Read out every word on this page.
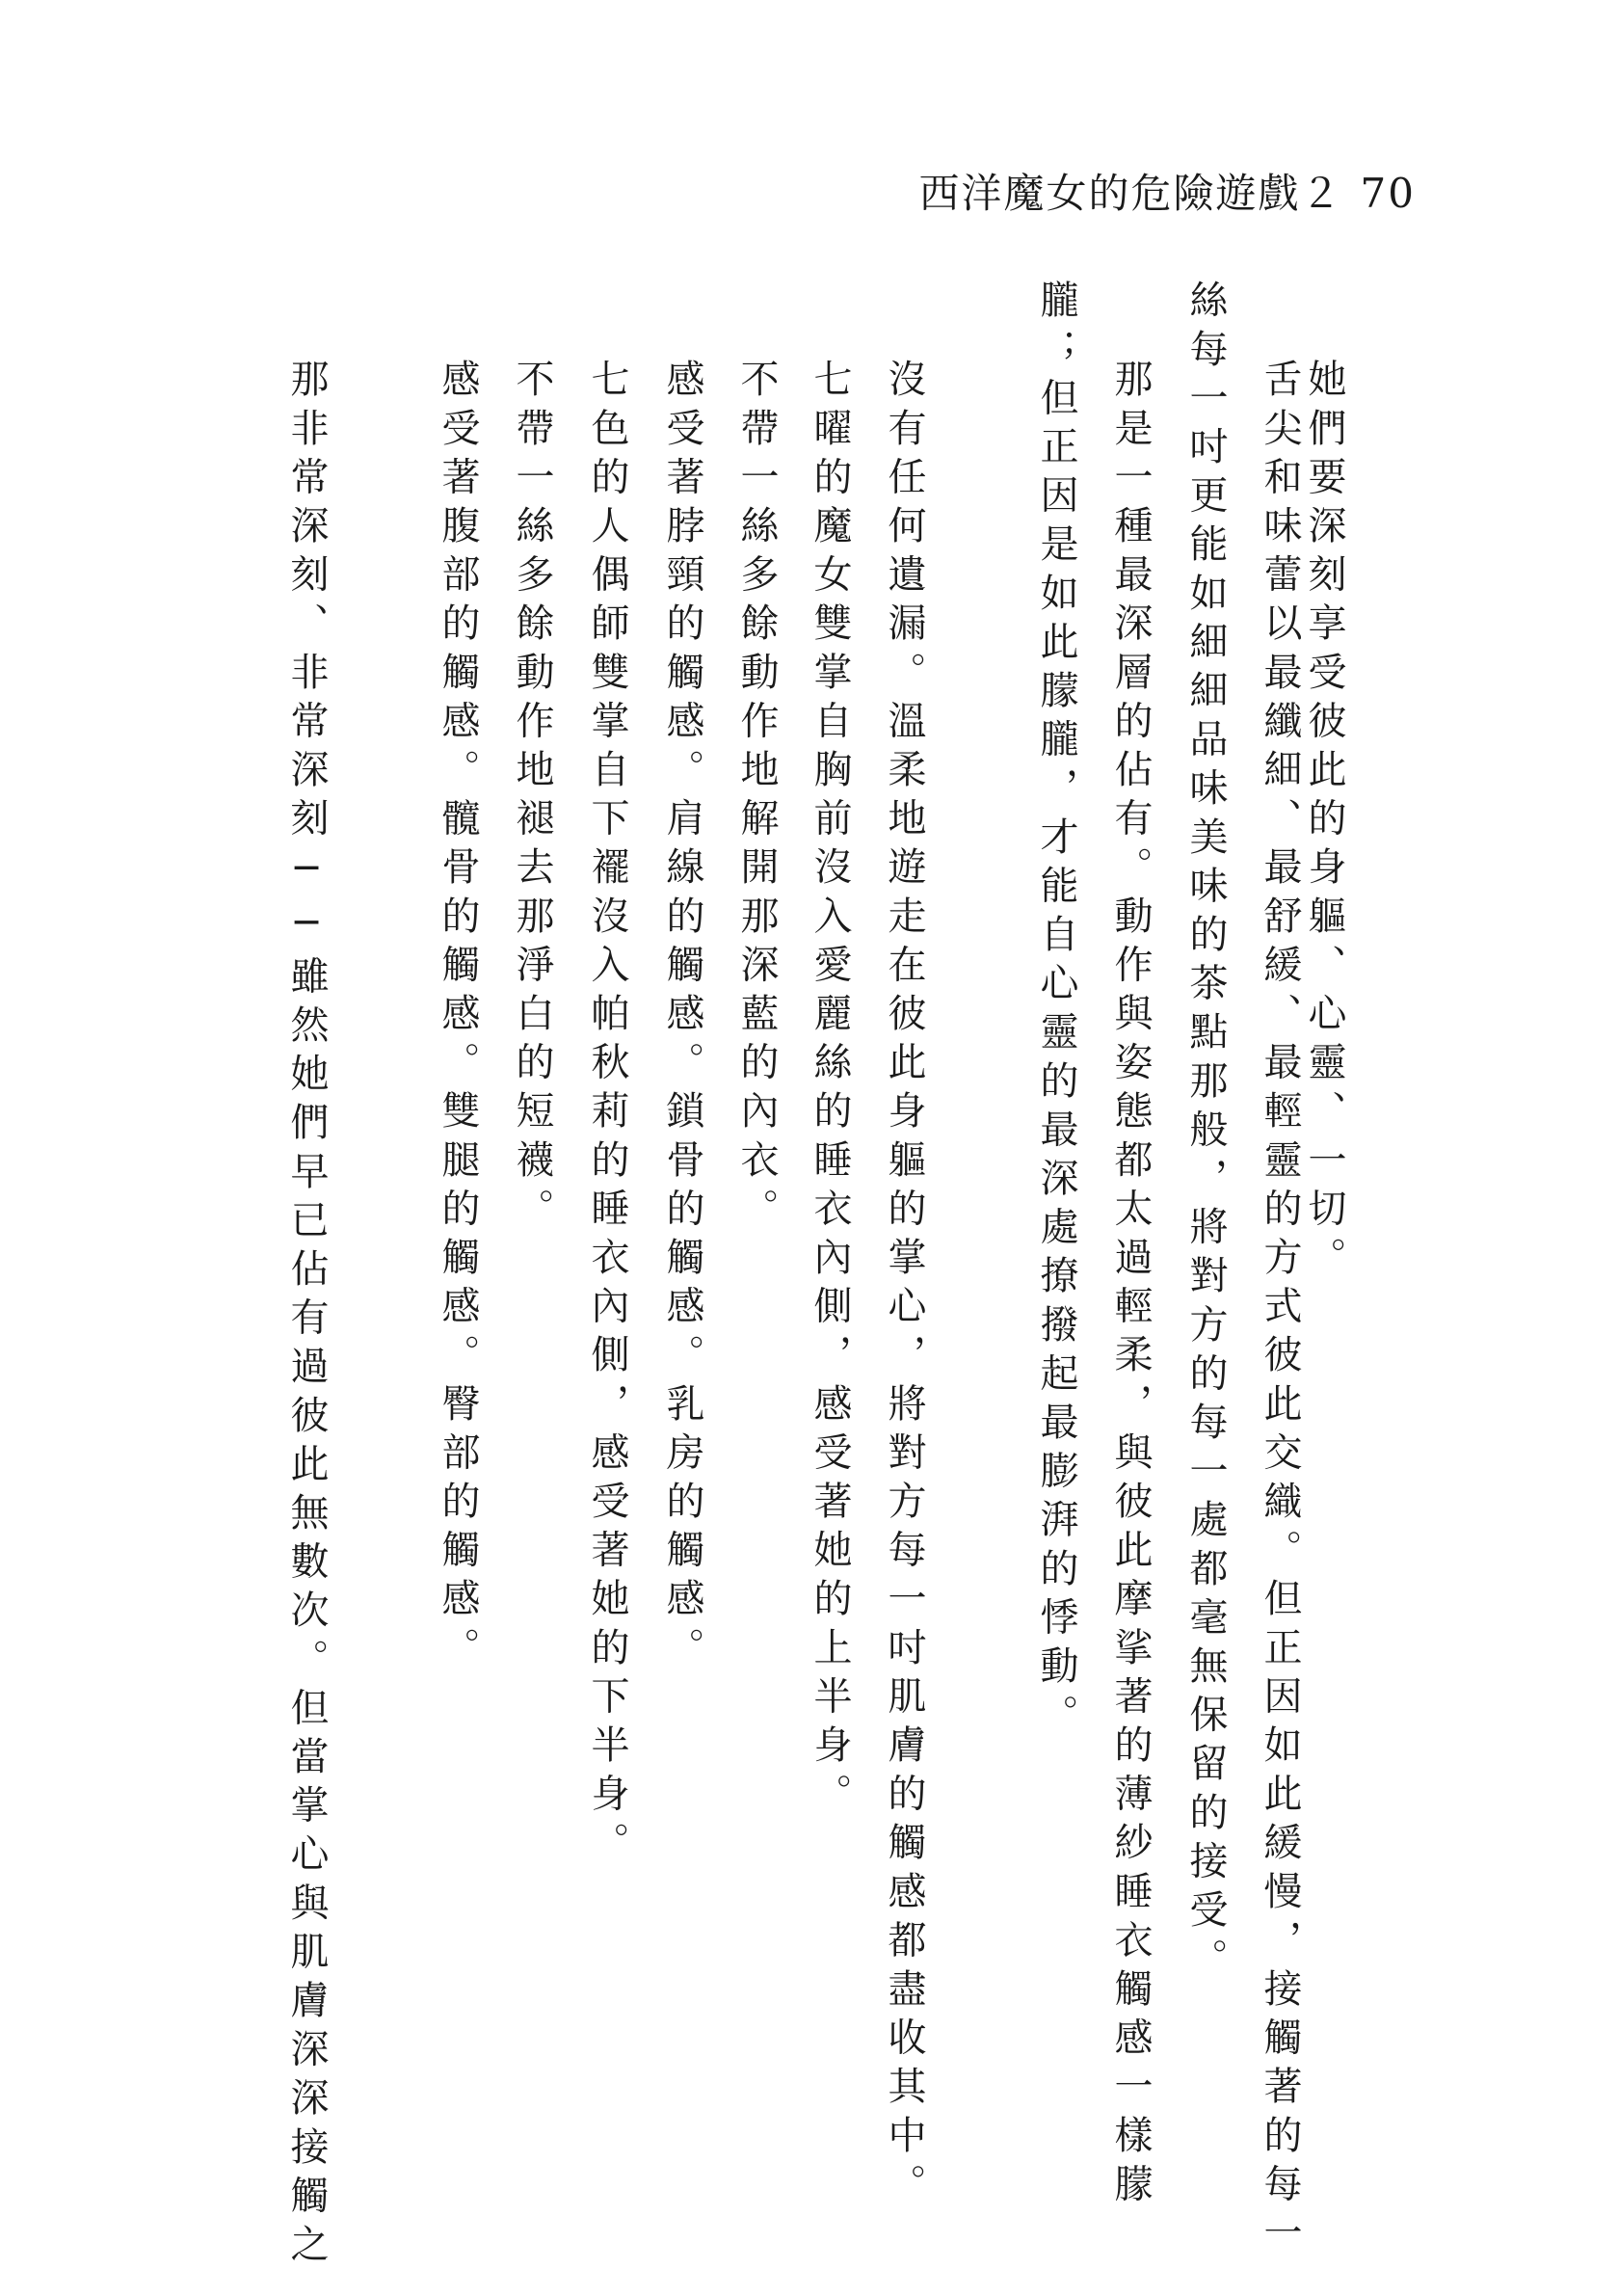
西洋魔女的危險遊戲２ 70
她們要深刻享受彼此的身軀、心靈、一切。
舌尖和味蕾以最纖細、最舒緩、最輕靈的方式彼此交織。但正因如此緩慢，接觸著的每一
絲每一吋更能如細細品味美味的茶點那般，將對方的每一處都毫無保留的接受。
那是一種最深層的佔有。動作與姿態都太過輕柔，與彼此摩挲著的薄紗睡衣觸感一樣朦
朧；但正因是如此朦朧，才能自心靈的最深處撩撥起最膨湃的悸動。
沒有任何遺漏。溫柔地遊走在彼此身軀的掌心，將對方每一吋肌膚的觸感都盡收其中。
七曜的魔女雙掌自胸前沒入愛麗絲的睡衣內側，感受著她的上半身。
不帶一絲多餘動作地解開那深藍的內衣。
感受著脖頸的觸感。肩線的觸感。鎖骨的觸感。乳房的觸感。
七色的人偶師雙掌自下襬沒入帕秋莉的睡衣內側，感受著她的下半身。
不帶一絲多餘動作地褪去那淨白的短襪。
感受著腹部的觸感。髖骨的觸感。雙腿的觸感。臀部的觸感。
那非常深刻、非常深刻──雖然她們早已佔有過彼此無數次。但當掌心與肌膚深深接觸之
